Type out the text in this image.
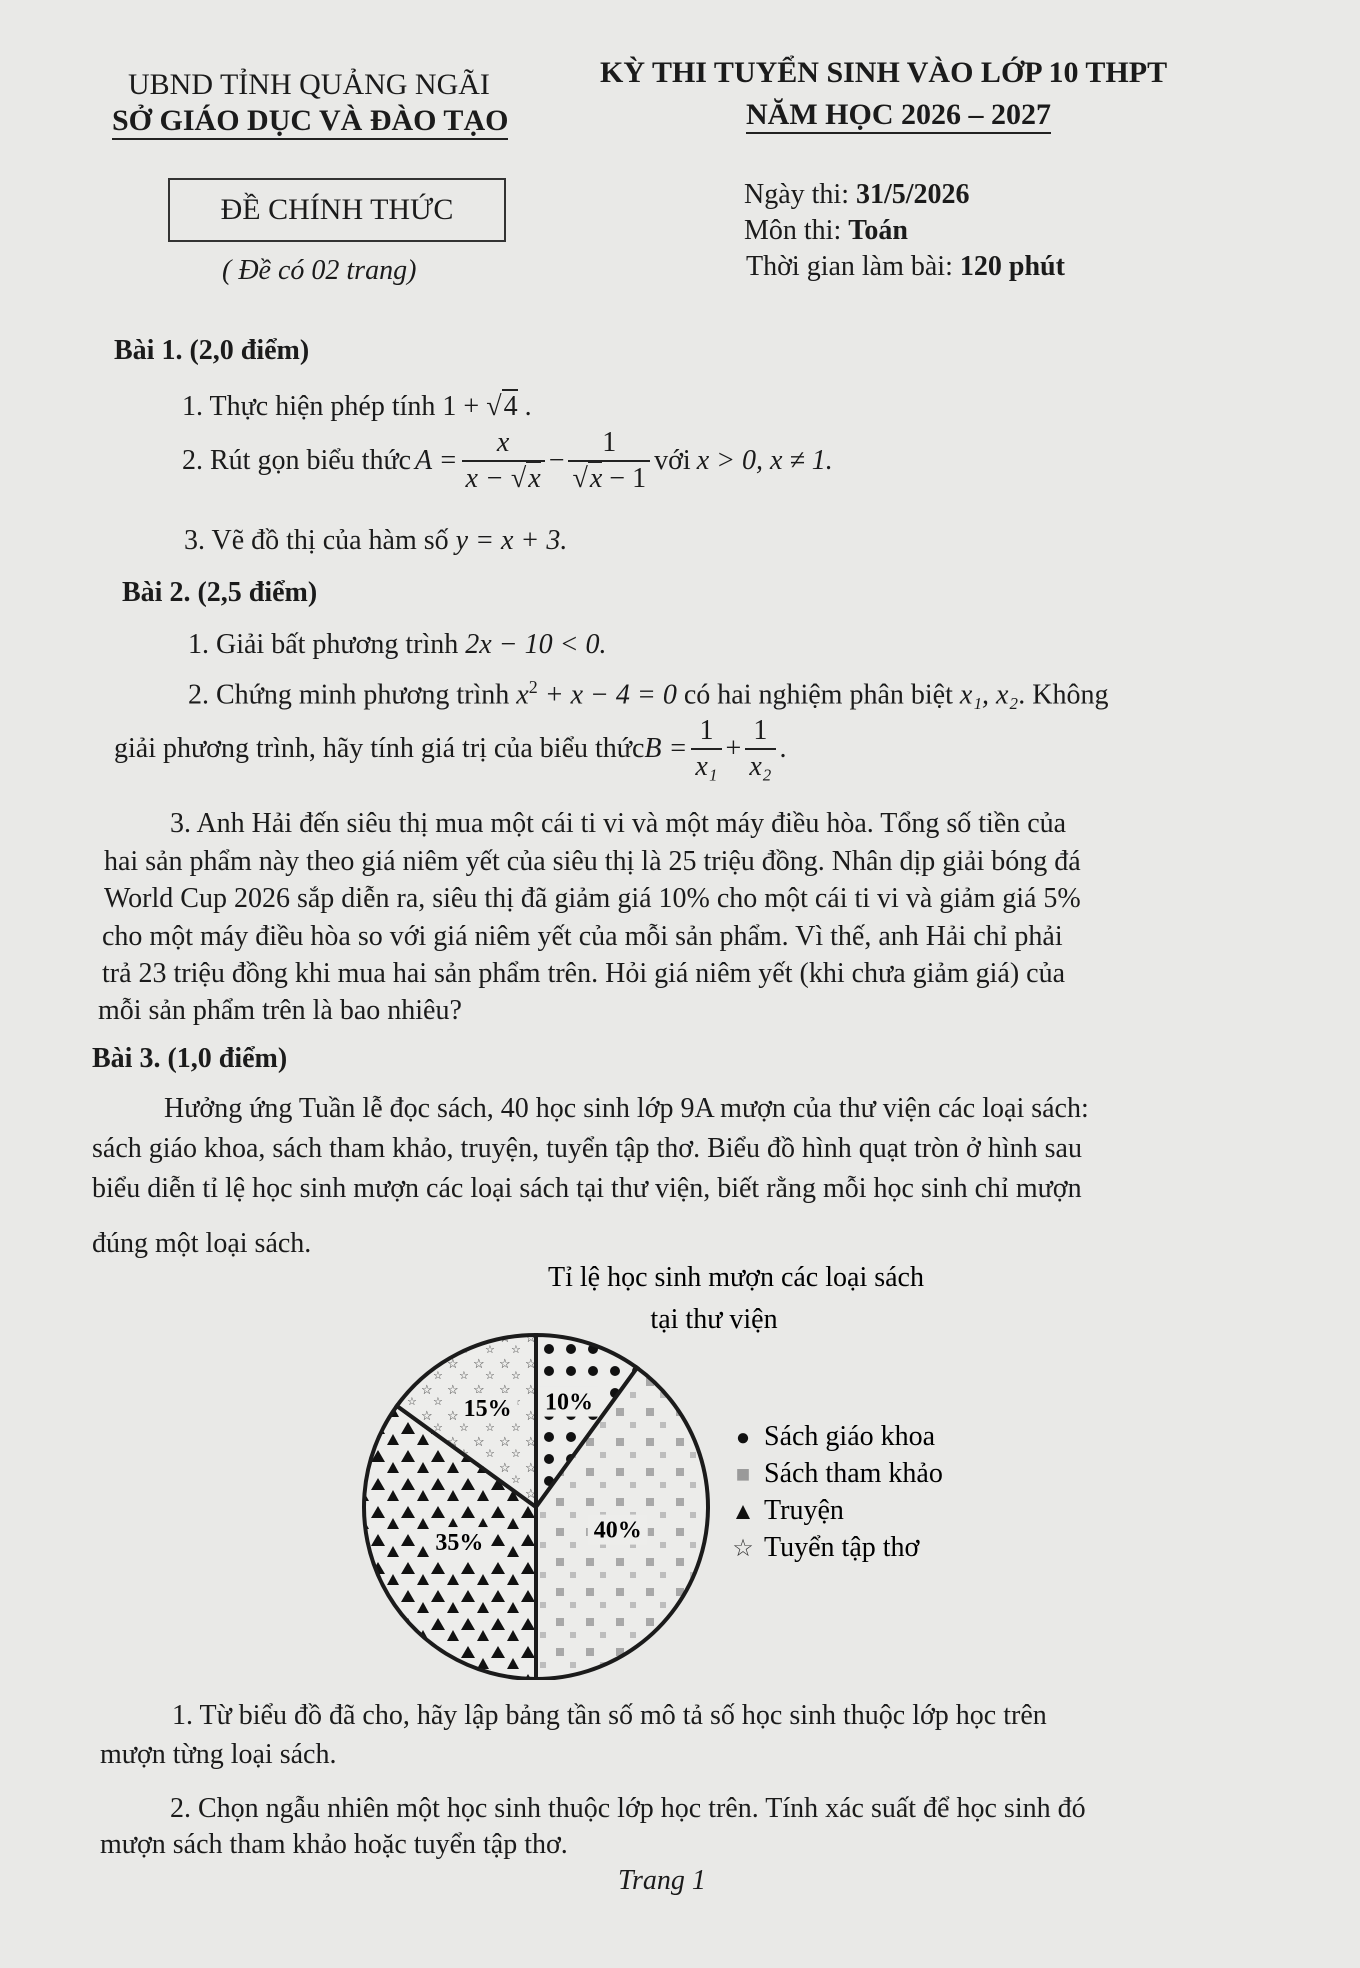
UBND TỈNH QUẢNG NGÃI
SỞ GIÁO DỤC VÀ ĐÀO TẠO
KỲ THI TUYỂN SINH VÀO LỚP 10 THPT
NĂM HỌC 2026 – 2027
ĐỀ CHÍNH THỨC
( Đề có 02 trang)
Ngày thi: 31/5/2026
Môn thi: Toán
Thời gian làm bài: 120 phút
Bài 1. (2,0 điểm)
1. Thực hiện phép tính 1 + √4 .
2. Rút gọn biểu thức $A = \frac{x}{x - √x} - \frac{1}{√x - 1}$ với x > 0, x ≠ 1.
3. Vẽ đồ thị của hàm số y = x + 3.
Bài 2. (2,5 điểm)
1. Giải bất phương trình 2x − 10 < 0.
2. Chứng minh phương trình $x^2 + x - 4 = 0$ có hai nghiệm phân biệt x₁, x₂. Không
giải phương trình, hãy tính giá trị của biểu thức $B = \frac{1}{\text{x₁}} + \frac{1}{\text{x₂}}$ .
3. Anh Hải đến siêu thị mua một cái ti vi và một máy điều hòa. Tổng số tiền của
hai sản phẩm này theo giá niêm yết của siêu thị là 25 triệu đồng. Nhân dịp giải bóng đá
World Cup 2026 sắp diễn ra, siêu thị đã giảm giá 10% cho một cái ti vi và giảm giá 5%
cho một máy điều hòa so với giá niêm yết của mỗi sản phẩm. Vì thế, anh Hải chỉ phải
trả 23 triệu đồng khi mua hai sản phẩm trên. Hỏi giá niêm yết (khi chưa giảm giá) của
mỗi sản phẩm trên là bao nhiêu?
Bài 3. (1,0 điểm)
Hưởng ứng Tuần lễ đọc sách, 40 học sinh lớp 9A mượn của thư viện các loại sách:
sách giáo khoa, sách tham khảo, truyện, tuyển tập thơ. Biểu đồ hình quạt tròn ở hình sau
biểu diễn tỉ lệ học sinh mượn các loại sách tại thư viện, biết rằng mỗi học sinh chỉ mượn
đúng một loại sách.
Tỉ lệ học sinh mượn các loại sách
tại thư viện
10%
40%
35%
15%
● Sách giáo khoa
■ Sách tham khảo
▲ Truyện
☆ Tuyển tập thơ
1. Từ biểu đồ đã cho, hãy lập bảng tần số mô tả số học sinh thuộc lớp học trên
mượn từng loại sách.
2. Chọn ngẫu nhiên một học sinh thuộc lớp học trên. Tính xác suất để học sinh đó
mượn sách tham khảo hoặc tuyển tập thơ.
Trang 1
